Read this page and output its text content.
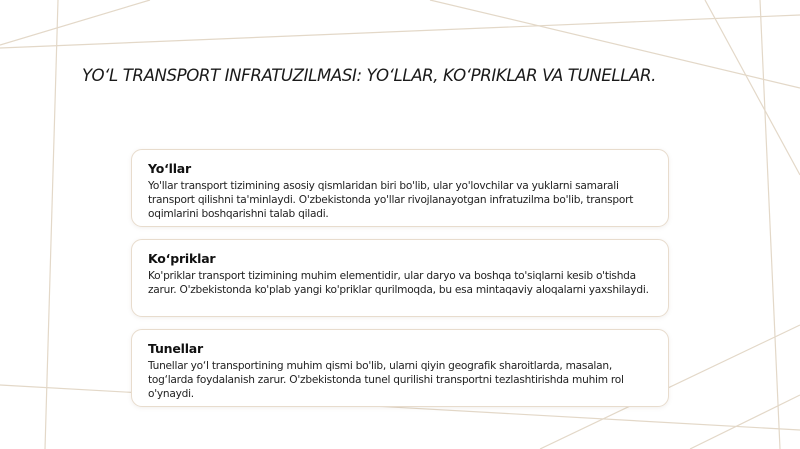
YO‘L TRANSPORT INFRATUZILMASI: YO‘LLAR, KO‘PRIKLAR VA TUNELLAR.
Yo‘llar

Yo'llar transport tizimining asosiy qismlaridan biri bo'lib, ular yo'lovchilar va yuklarni samarali transport qilishni ta'minlaydi. O'zbekistonda yo'llar rivojlanayotgan infratuzilma bo'lib, transport oqimlarini boshqarishni talab qiladi.

Ko‘priklar

Ko'priklar transport tizimining muhim elementidir, ular daryo va boshqa to'siqlarni kesib o'tishda zarur. O'zbekistonda ko'plab yangi ko'priklar qurilmoqda, bu esa mintaqaviy aloqalarni yaxshilaydi.

Tunellar

Tunellar yo‘l transportining muhim qismi bo'lib, ularni qiyin geografik sharoitlarda, masalan, tog‘larda foydalanish zarur. O'zbekistonda tunel qurilishi transportni tezlashtirishda muhim rol o'ynaydi.
